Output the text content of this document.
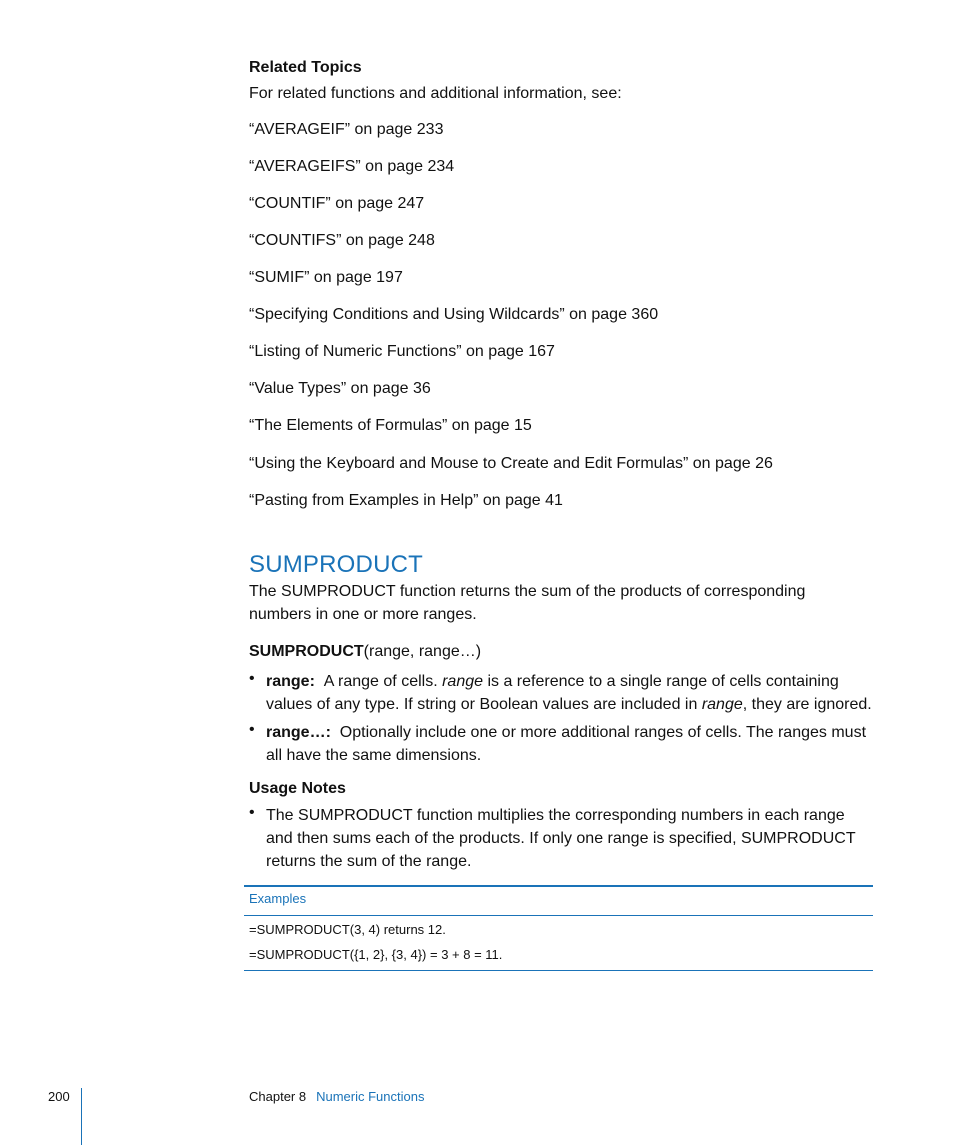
Related Topics
For related functions and additional information, see:
“AVERAGEIF” on page 233
“AVERAGEIFS” on page 234
“COUNTIF” on page 247
“COUNTIFS” on page 248
“SUMIF” on page 197
“Specifying Conditions and Using Wildcards” on page 360
“Listing of Numeric Functions” on page 167
“Value Types” on page 36
“The Elements of Formulas” on page 15
“Using the Keyboard and Mouse to Create and Edit Formulas” on page 26
“Pasting from Examples in Help” on page 41
SUMPRODUCT
The SUMPRODUCT function returns the sum of the products of corresponding
numbers in one or more ranges.
SUMPRODUCT(range, range…)
• range: A range of cells. range is a reference to a single range of cells containing
values of any type. If string or Boolean values are included in range, they are ignored.
• range…: Optionally include one or more additional ranges of cells. The ranges must
all have the same dimensions.
Usage Notes
• The SUMPRODUCT function multiplies the corresponding numbers in each range
and then sums each of the products. If only one range is specified, SUMPRODUCT
returns the sum of the range.
Examples
=SUMPRODUCT(3, 4) returns 12.
=SUMPRODUCT({1, 2}, {3, 4}) = 3 + 8 = 11.
200	Chapter 8 Numeric Functions
